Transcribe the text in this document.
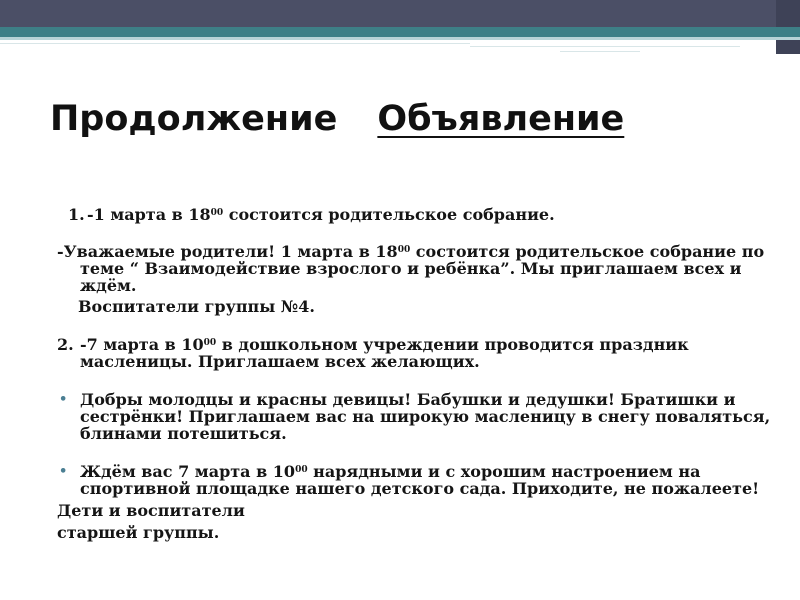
Продолжение Объявление
1. -1 марта в $18^{00}$ состоится родительское собрание.
-Уважаемые родители! 1 марта в $18^{00}$ состоится родительское собрание по теме “ Взаимодействие взрослого и ребёнка”. Мы приглашаем всех и ждём.
Воспитатели группы №4.
2. -7 марта в $10^{00}$ в дошкольном учреждении проводится праздник масленицы. Приглашаем всех желающих.
• Добры молодцы и красны девицы! Бабушки и дедушки! Братишки и сестрёнки! Приглашаем вас на широкую масленицу в снегу поваляться, блинами потешиться.
• Ждём вас 7 марта в $10^{00}$ нарядными и с хорошим настроением на спортивной площадке нашего детского сада. Приходите, не пожалеете!
Дети и воспитатели
старшей группы.
